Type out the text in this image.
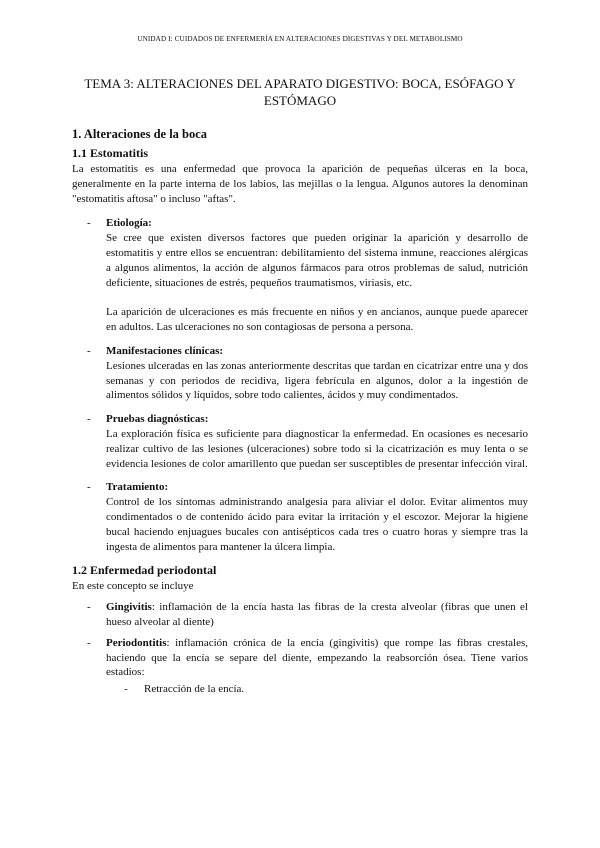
UNIDAD I: CUIDADOS DE ENFERMERÍA EN ALTERACIONES DIGESTIVAS Y DEL METABOLISMO
TEMA 3: ALTERACIONES DEL APARATO DIGESTIVO: BOCA, ESÓFAGO Y ESTÓMAGO
1. Alteraciones de la boca
1.1 Estomatitis

La estomatitis es una enfermedad que provoca la aparición de pequeñas úlceras en la boca, generalmente en la parte interna de los labios, las mejillas o la lengua. Algunos autores la denominan "estomatitis aftosa" o incluso "aftas".

- Etiología:

Se cree que existen diversos factores que pueden originar la aparición y desarrollo de estomatitis y entre ellos se encuentran: debilitamiento del sistema inmune, reacciones alérgicas a algunos alimentos, la acción de algunos fármacos para otros problemas de salud, nutrición deficiente, situaciones de estrés, pequeños traumatismos, viriasis, etc.

La aparición de ulceraciones es más frecuente en niños y en ancianos, aunque puede aparecer en adultos. Las ulceraciones no son contagiosas de persona a persona.

- Manifestaciones clínicas:

Lesiones ulceradas en las zonas anteriormente descritas que tardan en cicatrizar entre una y dos semanas y con periodos de recidiva, ligera febrícula en algunos, dolor a la ingestión de alimentos sólidos y líquidos, sobre todo calientes, ácidos y muy condimentados.

- Pruebas diagnósticas:

La exploración física es suficiente para diagnosticar la enfermedad. En ocasiones es necesario realizar cultivo de las lesiones (ulceraciones) sobre todo si la cicatrización es muy lenta o se evidencia lesiones de color amarillento que puedan ser susceptibles de presentar infección viral.

- Tratamiento:

Control de los síntomas administrando analgesia para aliviar el dolor. Evitar alimentos muy condimentados o de contenido ácido para evitar la irritación y el escozor. Mejorar la higiene bucal haciendo enjuagues bucales con antisépticos cada tres o cuatro horas y siempre tras la ingesta de alimentos para mantener la úlcera limpia.

1.2 Enfermedad periodontal

En este concepto se incluye

- Gingivitis: inflamación de la encía hasta las fibras de la cresta alveolar (fibras que unen el hueso alveolar al diente)
- Periodontitis: inflamación crónica de la encía (gingivitis) que rompe las fibras crestales, haciendo que la encía se separe del diente, empezando la reabsorción ósea. Tiene varios estadios:
- Retracción de la encía.
